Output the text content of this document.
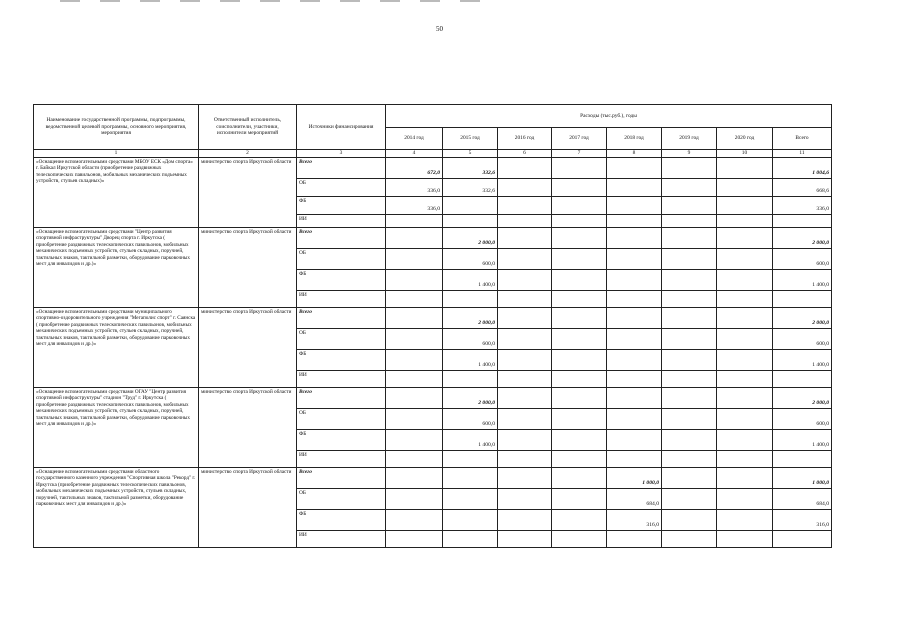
50
Наименование государственной программы, подпрограммы, ведомственной целевой программы, основного мероприятия, мероприятия	Ответственный исполнитель, соисполнители, участники, исполнители мероприятий	Источники финансирования	Расходы (тыс.руб.), годы							
			2014 год	2015 год	2016 год	2017 год	2018 год	2019 год	2020 год	Всего
1	2	3	4	5	6	7	8	9	10	11
«Оснащение вспомогательными средствами МБОУ ЕСК «Дом спорта» г. Байкал Иркутской области (приобретение раздвижных телескопических павильонов, мобильных механических подъемных устройств, стульев складных)»	министерство спорта Иркутской области	Всего	672,0	332,6						1 004,6
		ОБ	336,0	332,6						668,6
		ФБ	336,0							336,0
		ИИ								
«Оснащение вспомогательными средствами "Центр развития спортивной инфраструктуры" Дворец спорта г. Иркутска ( приобретение раздвижных телескопических павильонов, мобильных механических подъемных устройств, стульев складных, поручней, тактильных знаков, тактильной разметки, оборудование парковочных мест для инвалидов и др.)»	министерство спорта Иркутской области	Всего		2 000,0						2 000,0
		ОБ		600,0						600,0
		ФБ		1 400,0						1 400,0
		ИИ								
«Оснащение вспомогательными средствами муниципального спортивно-оздоровительного учреждения "Мегаполис спорт" г. Саянска ( приобретение раздвижных телескопических павильонов, мобильных механических подъемных устройств, стульев складных, поручней, тактильных знаков, тактильной разметки, оборудование парковочных мест для инвалидов и др.)»	министерство спорта Иркутской области	Всего		2 000,0						2 000,0
		ОБ		600,0						600,0
		ФБ		1 400,0						1 400,0
		ИИ								
«Оснащение вспомогательными средствами ОГАУ "Центр развития спортивной инфраструктуры" стадион "Труд" г. Иркутска ( приобретение раздвижных телескопических павильонов, мобильных механических подъемных устройств, стульев складных, поручней, тактильных знаков, тактильной разметки, оборудование парковочных мест для инвалидов и др.)»	министерство спорта Иркутской области	Всего		2 000,0						2 000,0
		ОБ		600,0						600,0
		ФБ		1 400,0						1 400,0
		ИИ								
«Оснащение вспомогательными средствами областного государственного казенного учреждения "Спортивная школа "Рекорд" г. Иркутска (приобретение раздвижных телескопических павильонов, мобильных механических подъемных устройств, стульев складных, поручней, тактильных знаков, тактильной разметки, оборудование парковочных мест для инвалидов и др.)»	министерство спорта Иркутской области	Всего					1 000,0			1 000,0
		ОБ					684,0			684,0
		ФБ					316,0			316,0
		ИИ								
